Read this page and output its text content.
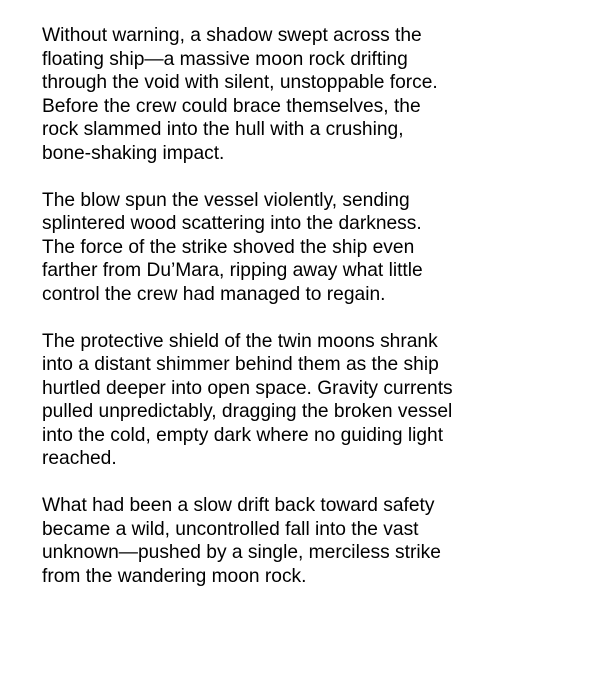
Without warning, a shadow swept across the
floating ship—a massive moon rock drifting
through the void with silent, unstoppable force.
Before the crew could brace themselves, the
rock slammed into the hull with a crushing,
bone-shaking impact.

The blow spun the vessel violently, sending
splintered wood scattering into the darkness.
The force of the strike shoved the ship even
farther from Du’Mara, ripping away what little
control the crew had managed to regain.

The protective shield of the twin moons shrank
into a distant shimmer behind them as the ship
hurtled deeper into open space. Gravity currents
pulled unpredictably, dragging the broken vessel
into the cold, empty dark where no guiding light
reached.

What had been a slow drift back toward safety
became a wild, uncontrolled fall into the vast
unknown—pushed by a single, merciless strike
from the wandering moon rock.
